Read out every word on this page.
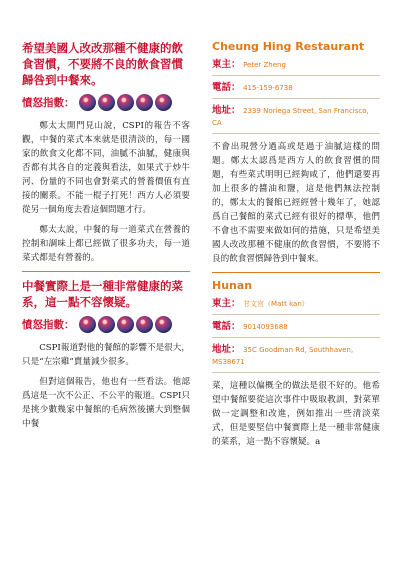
希望美國人改改那種不健康的飲食習慣，不要將不良的飲食習慣歸咎到中餐來。

憤怒指數：

鄭太太開門見山說，CSPI的報告不客觀，中餐的菜式本來就是很清淡的，每一國家的飲食文化都不同，油膩不油膩，健康與否都有其各自的定義與看法，如果式于炒牛河、份量的不同也會對菜式的營養價值有直接的關系。不能一棍子打死！西方人必須要從另一個角度去看這個問題才行。

鄭太太說，中餐的每一道菜式在營養的控制和調味上都已經做了很多功夫，每一道菜式都是有營養的。

中餐實際上是一種非常健康的菜系，這一點不容懷疑。

憤怒指數：

CSPI報道對他的餐館的影響不是很大，只是“左宗雞”賣量減少很多。

但對這個報告，他也有一些看法。他認爲這是一次不公正、不公平的報道。CSPI只是挑少數幾家中餐館的毛病然後擴大到整個中餐

Cheung Hing Restaurant

東主： Peter Zheng
電話： 415-159-6738
地址： 2339 Noriega Street, San Francisco, CA

不會出現營分過高或是過于油膩這樣的問題。鄭太太認爲是西方人的飲食習慣的問題，有些菜式明明已經夠咸了，他們還要再加上很多的醬油和鹽，這是他們無法控制的，鄭太太的餐館已經經營十幾年了，她認爲自己餐館的菜式已經有很好的標準，他們不會也不需要來做如何的措施，只是希望美國人改改那種不健康的飲食習慣，不要將不良的飲食習慣歸咎到中餐來。

Hunan

東主： 甘文官（Matt kan）
電話： 9014093688
地址： 35C Goodman Rd, Southhaven, MS38671

菜，這種以偏概全的做法是很不好的。他希望中餐館要從這次事件中吸取教訓，對菜單做一定調整和改進，例如推出一些清淡菜式，但是要堅信中餐實際上是一種非常健康的菜系，這一點不容懷疑。a
